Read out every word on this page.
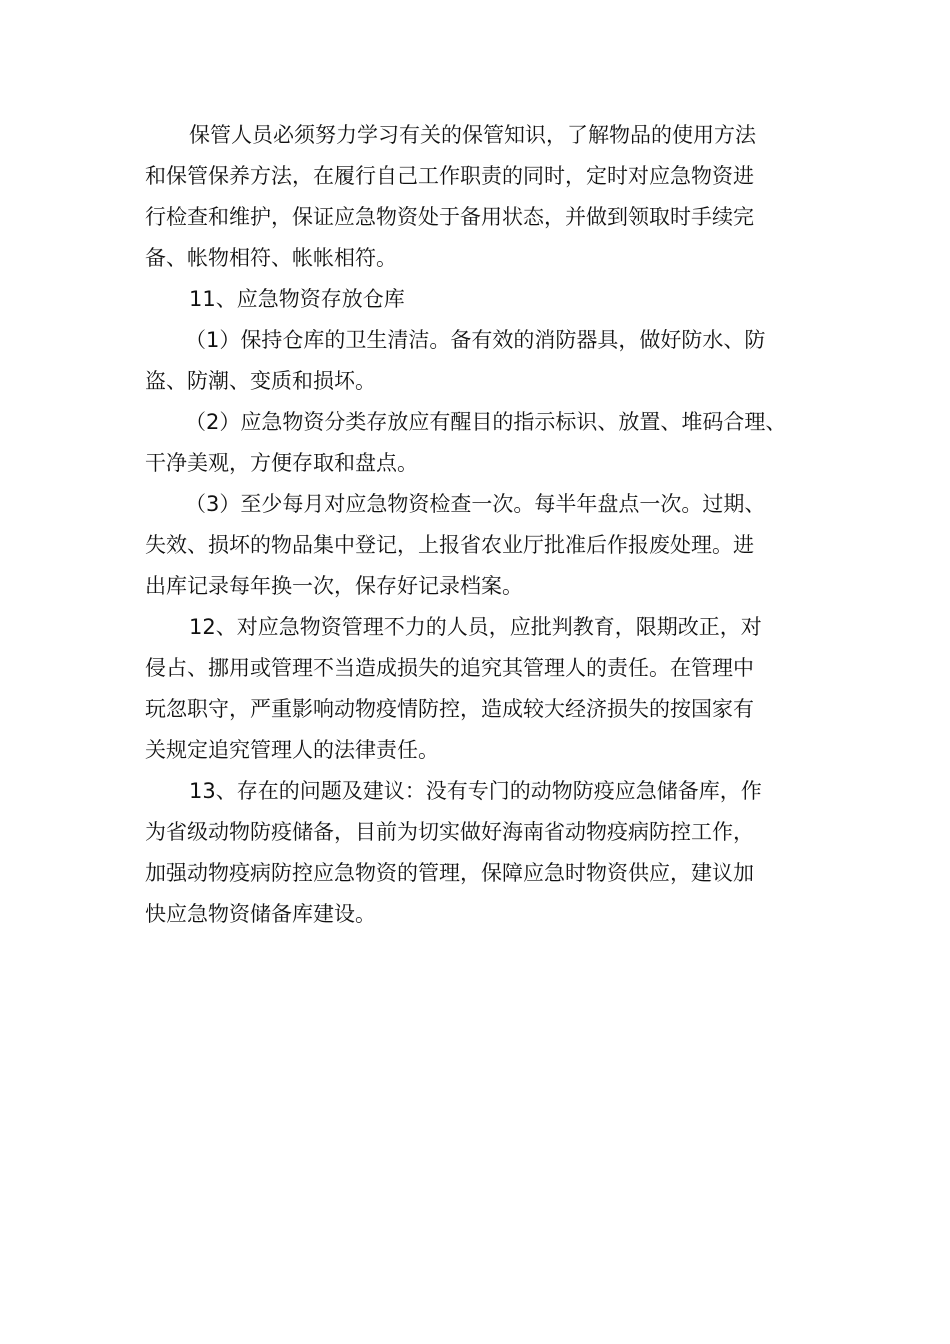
保管人员必须努力学习有关的保管知识，了解物品的使用方法
和保管保养方法，在履行自己工作职责的同时，定时对应急物资进
行检查和维护，保证应急物资处于备用状态，并做到领取时手续完
备、帐物相符、帐帐相符。
11、应急物资存放仓库
（1）保持仓库的卫生清洁。备有效的消防器具，做好防水、防
盗、防潮、变质和损坏。
（2）应急物资分类存放应有醒目的指示标识、放置、堆码合理、
干净美观，方便存取和盘点。
（3）至少每月对应急物资检查一次。每半年盘点一次。过期、
失效、损坏的物品集中登记，上报省农业厅批准后作报废处理。进
出库记录每年换一次，保存好记录档案。
12、对应急物资管理不力的人员，应批判教育，限期改正，对
侵占、挪用或管理不当造成损失的追究其管理人的责任。在管理中
玩忽职守，严重影响动物疫情防控，造成较大经济损失的按国家有
关规定追究管理人的法律责任。
13、存在的问题及建议：没有专门的动物防疫应急储备库，作
为省级动物防疫储备，目前为切实做好海南省动物疫病防控工作，
加强动物疫病防控应急物资的管理，保障应急时物资供应，建议加
快应急物资储备库建设。
